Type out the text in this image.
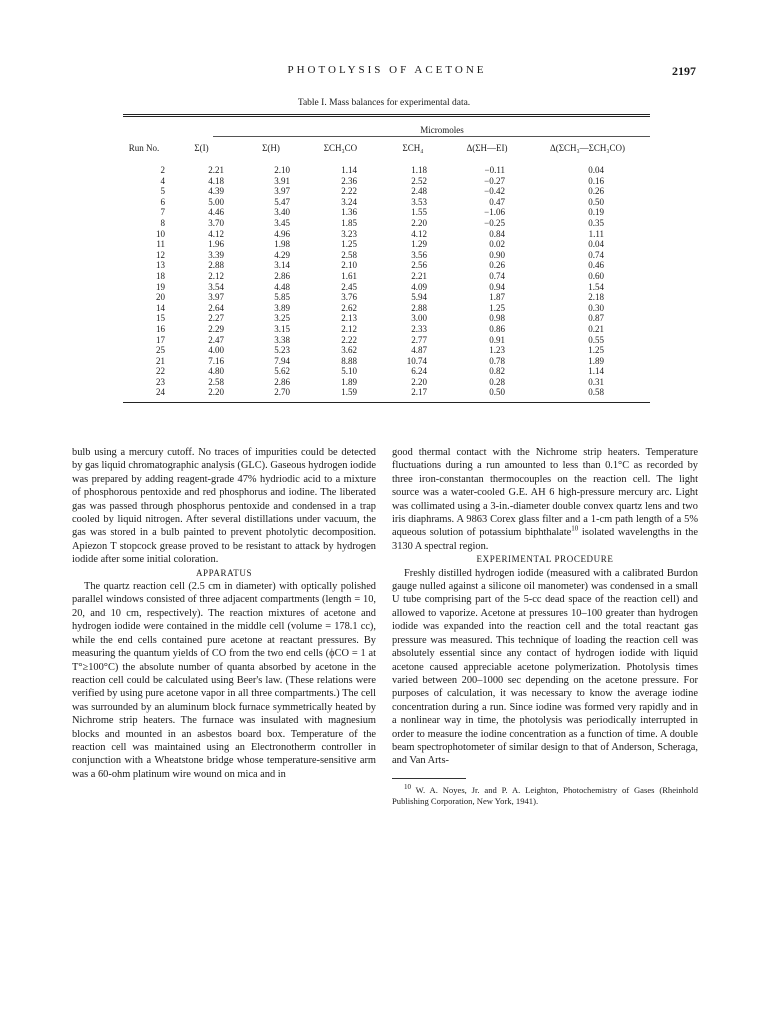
PHOTOLYSIS OF ACETONE	2197
Table I. Mass balances for experimental data.
Micromoles
Run No.	Σ(I)	Σ(H)	ΣCH₃CO	ΣCH₄	Δ(ΣH—EI)	Δ(ΣCH₃—ΣCH₃CO)
2	2.21	2.10	1.14	1.18	−0.11	0.04
4	4.18	3.91	2.36	2.52	−0.27	0.16
5	4.39	3.97	2.22	2.48	−0.42	0.26
6	5.00	5.47	3.24	3.53	0.47	0.50
7	4.46	3.40	1.36	1.55	−1.06	0.19
8	3.70	3.45	1.85	2.20	−0.25	0.35
10	4.12	4.96	3.23	4.12	0.84	1.11
11	1.96	1.98	1.25	1.29	0.02	0.04
12	3.39	4.29	2.58	3.56	0.90	0.74
13	2.88	3.14	2.10	2.56	0.26	0.46
18	2.12	2.86	1.61	2.21	0.74	0.60
19	3.54	4.48	2.45	4.09	0.94	1.54
20	3.97	5.85	3.76	5.94	1.87	2.18
14	2.64	3.89	2.62	2.88	1.25	0.30
15	2.27	3.25	2.13	3.00	0.98	0.87
16	2.29	3.15	2.12	2.33	0.86	0.21
17	2.47	3.38	2.22	2.77	0.91	0.55
25	4.00	5.23	3.62	4.87	1.23	1.25
21	7.16	7.94	8.88	10.74	0.78	1.89
22	4.80	5.62	5.10	6.24	0.82	1.14
23	2.58	2.86	1.89	2.20	0.28	0.31
24	2.20	2.70	1.59	2.17	0.50	0.58

bulb using a mercury cutoff. No traces of impurities could be detected by gas liquid chromatographic analysis (GLC). Gaseous hydrogen iodide was prepared by adding reagent-grade 47% hydriodic acid to a mixture of phosphorous pentoxide and red phosphorus and iodine. The liberated gas was passed through phosphorus pentoxide and condensed in a trap cooled by liquid nitrogen. After several distillations under vacuum, the gas was stored in a bulb painted to prevent photolytic decomposition. Apiezon T stopcock grease proved to be resistant to attack by hydrogen iodide after some initial coloration.

APPARATUS

The quartz reaction cell (2.5 cm in diameter) with optically polished parallel windows consisted of three adjacent compartments (length = 10, 20, and 10 cm, respectively). The reaction mixtures of acetone and hydrogen iodide were contained in the middle cell (volume = 178.1 cc), while the end cells contained pure acetone at reactant pressures. By measuring the quantum yields of CO from the two end cells (ϕCO = 1 at T°≥100°C) the absolute number of quanta absorbed by acetone in the reaction cell could be calculated using Beer's law. (These relations were verified by using pure acetone vapor in all three compartments.) The cell was surrounded by an aluminum block furnace symmetrically heated by Nichrome strip heaters. The furnace was insulated with magnesium blocks and mounted in an asbestos board box. Temperature of the reaction cell was maintained using an Electronotherm controller in conjunction with a Wheatstone bridge whose temperature-sensitive arm was a 60-ohm platinum wire wound on mica and in

good thermal contact with the Nichrome strip heaters. Temperature fluctuations during a run amounted to less than 0.1°C as recorded by three iron-constantan thermocouples on the reaction cell. The light source was a water-cooled G.E. AH 6 high-pressure mercury arc. Light was collimated using a 3-in.-diameter double convex quartz lens and two iris diaphrams. A 9863 Corex glass filter and a 1-cm path length of a 5% aqueous solution of potassium biphthalate$^{10}$ isolated wavelengths in the 3130 A spectral region.

EXPERIMENTAL PROCEDURE

Freshly distilled hydrogen iodide (measured with a calibrated Burdon gauge nulled against a silicone oil manometer) was condensed in a small U tube comprising part of the 5-cc dead space of the reaction cell) and allowed to vaporize. Acetone at pressures 10–100 greater than hydrogen iodide was expanded into the reaction cell and the total reactant gas pressure was measured. This technique of loading the reaction cell was absolutely essential since any contact of hydrogen iodide with liquid acetone caused appreciable acetone polymerization. Photolysis times varied between 200–1000 sec depending on the acetone pressure. For purposes of calculation, it was necessary to know the average iodine concentration during a run. Since iodine was formed very rapidly and in a nonlinear way in time, the photolysis was periodically interrupted in order to measure the iodine concentration as a function of time. A double beam spectrophotometer of similar design to that of Anderson, Scheraga, and Van Arts-

$^{10}$ W. A. Noyes, Jr. and P. A. Leighton, Photochemistry of Gases (Rheinhold Publishing Corporation, New York, 1941).
